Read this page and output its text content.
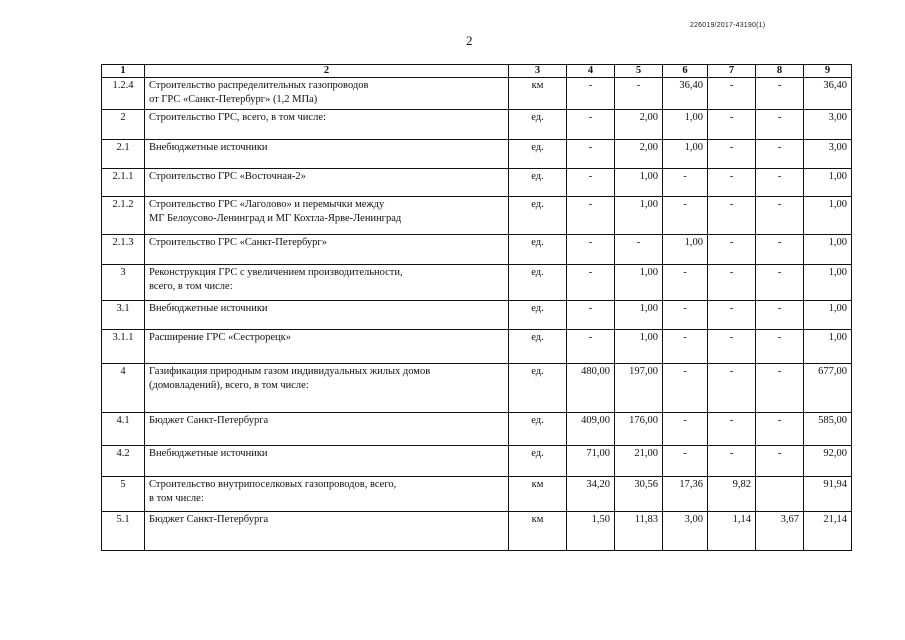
226019/2017-43190(1)
2
1	2	3	4	5	6	7	8	9
1.2.4	Строительство распределительных газопроводов
от ГРС «Санкт-Петербург» (1,2 МПа)	км	-	-	36,40	-	-	36,40
2	Строительство ГРС, всего, в том числе:	ед.	-	2,00	1,00	-	-	3,00
2.1	Внебюджетные источники	ед.	-	2,00	1,00	-	-	3,00
2.1.1	Строительство ГРС «Восточная-2»	ед.	-	1,00	-	-	-	1,00
2.1.2	Строительство ГРС «Лаголово» и перемычки между
МГ Белоусово-Ленинград и МГ Кохтла-Ярве-Ленинград	ед.	-	1,00	-	-	-	1,00
2.1.3	Строительство ГРС «Санкт-Петербург»	ед.	-	-	1,00	-	-	1,00
3	Реконструкция ГРС с увеличением производительности,
всего, в том числе:	ед.	-	1,00	-	-	-	1,00
3.1	Внебюджетные источники	ед.	-	1,00	-	-	-	1,00
3.1.1	Расширение ГРС «Сестрорецк»	ед.	-	1,00	-	-	-	1,00
4	Газификация природным газом индивидуальных жилых домов
(домовладений), всего, в том числе:	ед.	480,00	197,00	-	-	-	677,00
4.1	Бюджет Санкт-Петербурга	ед.	409,00	176,00	-	-	-	585,00
4.2	Внебюджетные источники	ед.	71,00	21,00	-	-	-	92,00
5	Строительство внутрипоселковых газопроводов, всего,
в том числе:	км	34,20	30,56	17,36	9,82		91,94
5.1	Бюджет Санкт-Петербурга	км	1,50	11,83	3,00	1,14	3,67	21,14
